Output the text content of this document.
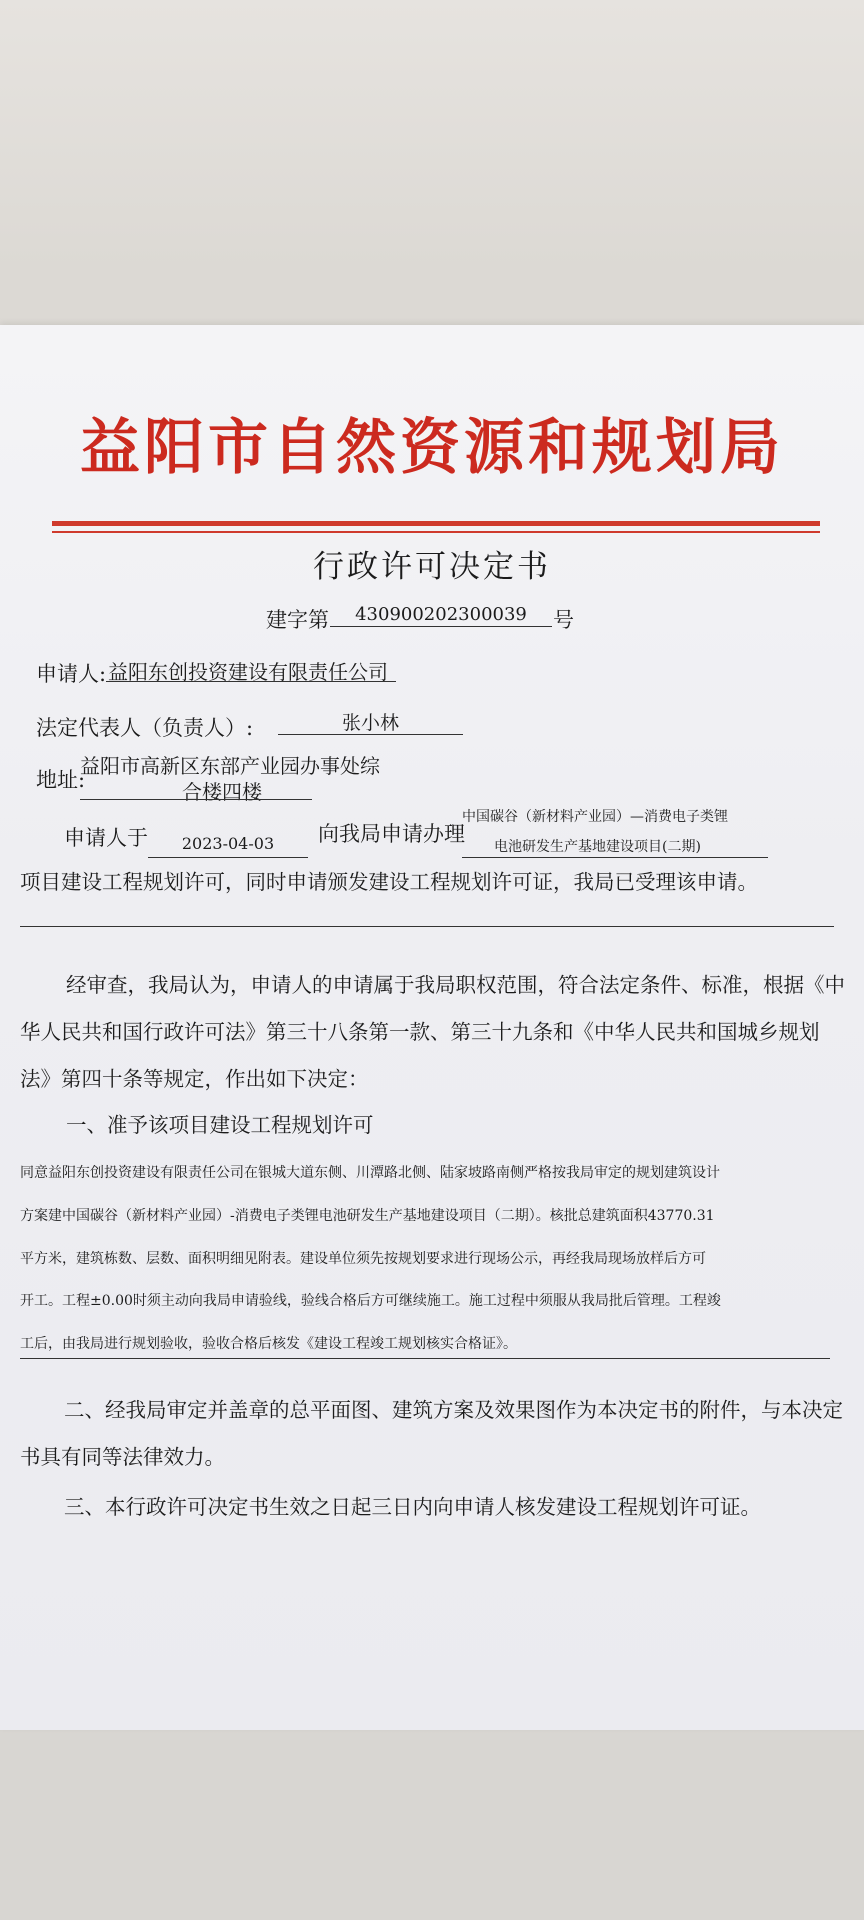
益阳市自然资源和规划局
行政许可决定书
建字第	430900202300039	号
申请人: 益阳东创投资建设有限责任公司
法定代表人（负责人）:	张小林
地址:
益阳市高新区东部产业园办事处综
合楼四楼
申请人于	2023-04-03	向我局申请办理
中国碳谷（新材料产业园）—消费电子类锂
电池研发生产基地建设项目(二期)
项目建设工程规划许可，同时申请颁发建设工程规划许可证，我局已受理该申请。
经审查，我局认为，申请人的申请属于我局职权范围，符合法定条件、标准，根据《中
华人民共和国行政许可法》第三十八条第一款、第三十九条和《中华人民共和国城乡规划
法》第四十条等规定，作出如下决定：
一、准予该项目建设工程规划许可
同意益阳东创投资建设有限责任公司在银城大道东侧、川潭路北侧、陆家坡路南侧严格按我局审定的规划建筑设计
方案建中国碳谷（新材料产业园）-消费电子类锂电池研发生产基地建设项目（二期）。核批总建筑面积43770.31
平方米，建筑栋数、层数、面积明细见附表。建设单位须先按规划要求进行现场公示，再经我局现场放样后方可
开工。工程±0.00时须主动向我局申请验线，验线合格后方可继续施工。施工过程中须服从我局批后管理。工程竣
工后，由我局进行规划验收，验收合格后核发《建设工程竣工规划核实合格证》。
二、经我局审定并盖章的总平面图、建筑方案及效果图作为本决定书的附件，与本决定
书具有同等法律效力。
三、本行政许可决定书生效之日起三日内向申请人核发建设工程规划许可证。
